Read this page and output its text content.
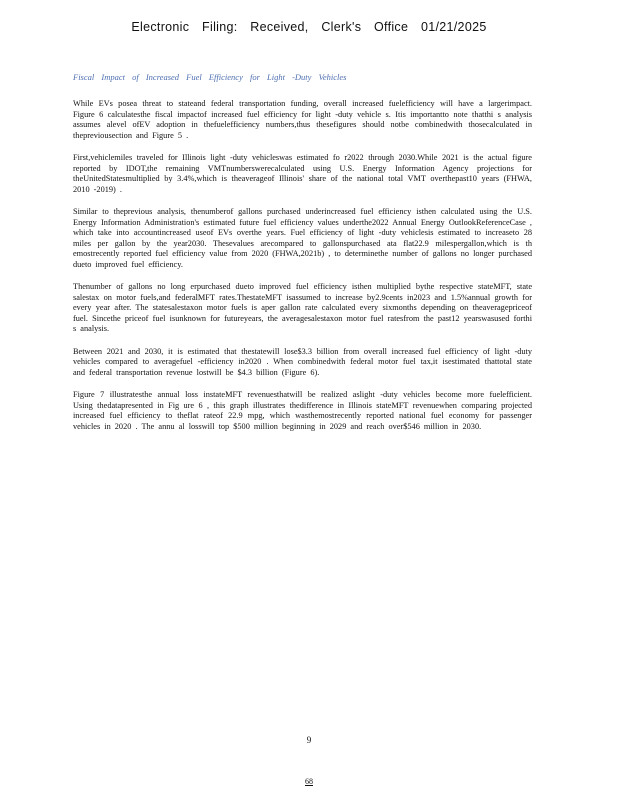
Electronic Filing: Received, Clerk's Office 01/21/2025
Fiscal Impact of Increased Fuel Efficiency for Light -Duty Vehicles

While EVs posea threat to stateand federal transportation funding, overall increased fuelefficiency will have a largerimpact. Figure 6 calculatesthe fiscal impactof increased fuel efficiency for light -duty vehicle s. Itis importantto note thatthi s analysis assumes alevel ofEV adoption in thefuelefficiency numbers,thus thesefigures should notbe combinedwith thosecalculated in thepreviousection and Figure 5 .

First,vehiclemiles traveled for Illinois light -duty vehicleswas estimated fo r2022 through 2030.While 2021 is the actual figure reported by IDOT,the remaining VMTnumberswerecalculated using U.S. Energy Information Agency projections for theUnitedStatesmultiplied by 3.4%,which is theaverageof Illinois' share of the national total VMT overthepast10 years (FHWA, 2010 -2019) .

Similar to theprevious analysis, thenumberof gallons purchased underincreased fuel efficiency isthen calculated using the U.S. Energy Information Administration's estimated future fuel efficiency values underthe2022 Annual Energy OutlookReferenceCase , which take into accountincreased useof EVs overthe years. Fuel efficiency of light -duty vehiclesis estimated to increaseto 28 miles per gallon by the year2030. Thesevalues arecompared to gallonspurchased ata flat22.9 milespergallon,which is th emostrecently reported fuel efficiency value from 2020 (FHWA,2021b) , to determinethe number of gallons no longer purchased dueto improved fuel efficiency.

Thenumber of gallons no long erpurchased dueto improved fuel efficiency isthen multiplied bythe respective stateMFT, state salestax on motor fuels,and federalMFT rates.ThestateMFT isassumed to increase by2.9cents in2023 and 1.5%annual growth for every year after. The statesalestaxon motor fuels is aper gallon rate calculated every sixmonths depending on theaveragepriceof fuel. Sincethe priceof fuel isunknown for futureyears, the averagesalestaxon motor fuel ratesfrom the past12 yearswasused forthi s analysis.

Between 2021 and 2030, it is estimated that thestatewill lose$3.3 billion from overall increased fuel efficiency of light -duty vehicles compared to averagefuel -efficiency in2020 . When combinedwith federal motor fuel tax,it isestimated thattotal state and federal transportation revenue lostwill be $4.3 billion (Figure 6).

Figure 7 illustratesthe annual loss instateMFT revenuesthatwill be realized aslight -duty vehicles become more fuelefficient. Using thedatapresented in Fig ure 6 , this graph illustrates thedifference in Illinois stateMFT revenuewhen comparing projected increased fuel efficiency to theflat rateof 22.9 mpg, which wasthemostrecently reported national fuel economy for passenger vehicles in 2020 . The annu al losswill top $500 million beginning in 2029 and reach over$546 million in 2030.

9
68
